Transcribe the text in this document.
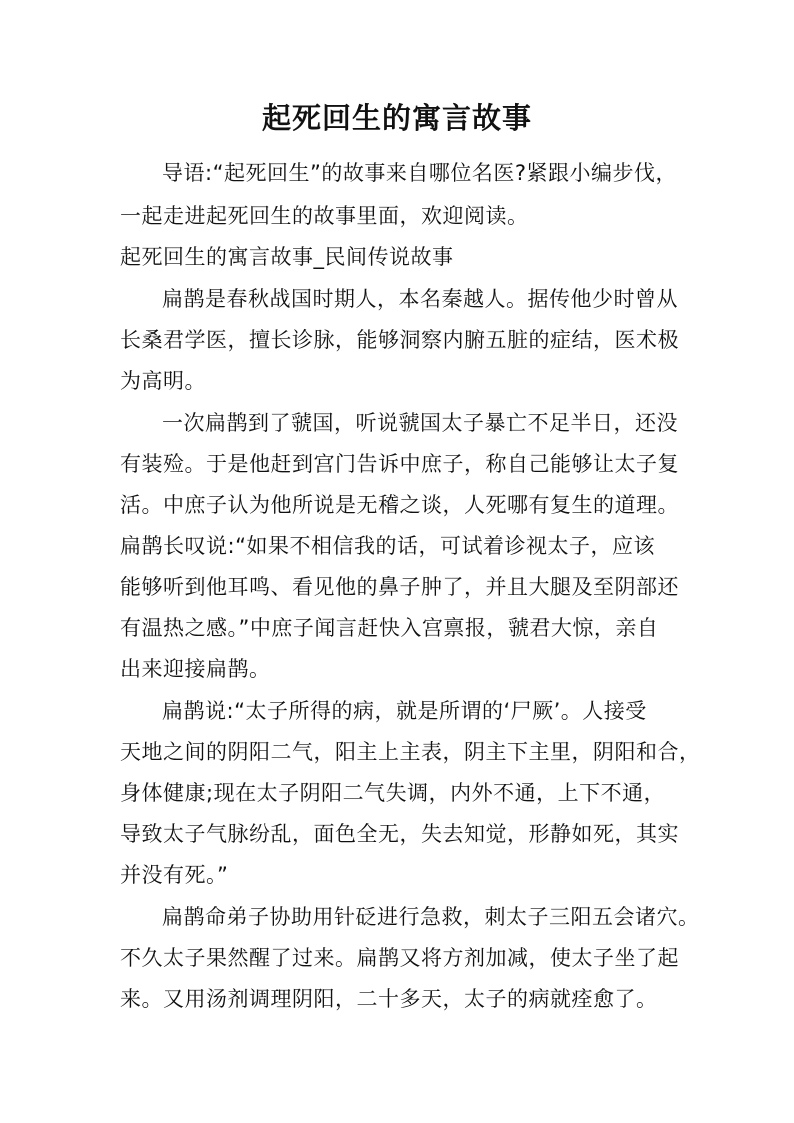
起死回生的寓言故事
导语:“起死回生”的故事来自哪位名医?紧跟小编步伐，
一起走进起死回生的故事里面，欢迎阅读。
起死回生的寓言故事_民间传说故事
扁鹊是春秋战国时期人，本名秦越人。据传他少时曾从
长桑君学医，擅长诊脉，能够洞察内腑五脏的症结，医术极
为高明。
一次扁鹊到了虢国，听说虢国太子暴亡不足半日，还没
有装殓。于是他赶到宫门告诉中庶子，称自己能够让太子复
活。中庶子认为他所说是无稽之谈，人死哪有复生的道理。
扁鹊长叹说:“如果不相信我的话，可试着诊视太子，应该
能够听到他耳鸣、看见他的鼻子肿了，并且大腿及至阴部还
有温热之感。”中庶子闻言赶快入宫禀报，虢君大惊，亲自
出来迎接扁鹊。
扁鹊说:“太子所得的病，就是所谓的‘尸厥’。人接受
天地之间的阴阳二气，阳主上主表，阴主下主里，阴阳和合，
身体健康;现在太子阴阳二气失调，内外不通，上下不通，
导致太子气脉纷乱，面色全无，失去知觉，形静如死，其实
并没有死。”
扁鹊命弟子协助用针砭进行急救，刺太子三阳五会诸穴。
不久太子果然醒了过来。扁鹊又将方剂加减，使太子坐了起
来。又用汤剂调理阴阳，二十多天，太子的病就痊愈了。
